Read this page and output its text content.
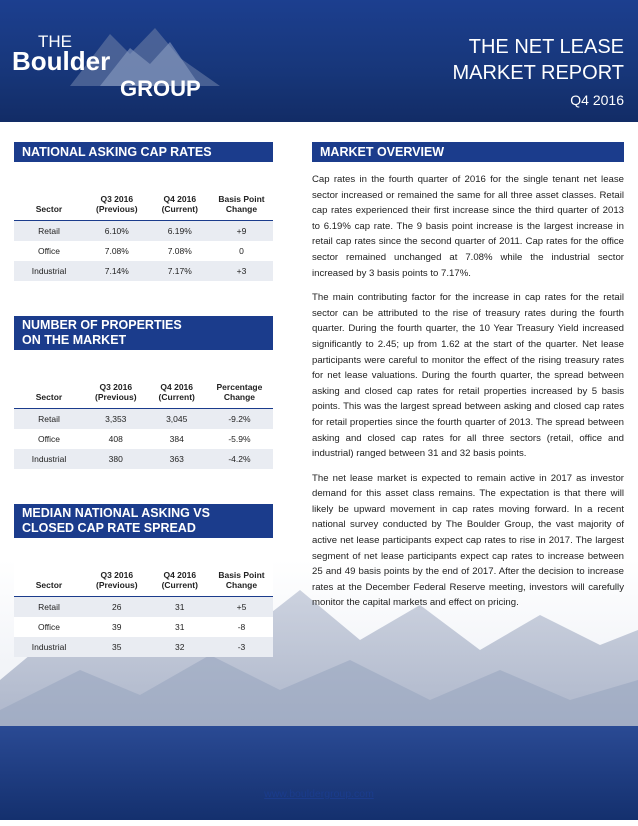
THE
Boulder
GROUP
THE NET LEASE
MARKET REPORT
Q4 2016
NATIONAL ASKING CAP RATES
Sector	Q3 2016 (Previous)	Q4 2016 (Current)	Basis Point Change
Retail	6.10%	6.19%	+9
Office	7.08%	7.08%	0
Industrial	7.14%	7.17%	+3
NUMBER OF PROPERTIES
ON THE MARKET
Sector	Q3 2016 (Previous)	Q4 2016 (Current)	Percentage Change
Retail	3,353	3,045	-9.2%
Office	408	384	-5.9%
Industrial	380	363	-4.2%
MEDIAN NATIONAL ASKING VS
CLOSED CAP RATE SPREAD
Sector	Q3 2016 (Previous)	Q4 2016 (Current)	Basis Point Change
Retail	26	31	+5
Office	39	31	-8
Industrial	35	32	-3
MARKET OVERVIEW

Cap rates in the fourth quarter of 2016 for the single tenant net lease sector increased or remained the same for all three asset classes. Retail cap rates experienced their first increase since the third quarter of 2013 to 6.19% cap rate. The 9 basis point increase is the largest increase in retail cap rates since the second quarter of 2011. Cap rates for the office sector remained unchanged at 7.08% while the industrial sector increased by 3 basis points to 7.17%.

The main contributing factor for the increase in cap rates for the retail sector can be attributed to the rise of treasury rates during the fourth quarter. During the fourth quarter, the 10 Year Treasury Yield increased significantly to 2.45; up from 1.62 at the start of the quarter. Net lease participants were careful to monitor the effect of the rising treasury rates for net lease valuations. During the fourth quarter, the spread between asking and closed cap rates for retail properties increased by 5 basis points. This was the largest spread between asking and closed cap rates for retail properties since the fourth quarter of 2013. The spread between asking and closed cap rates for all three sectors (retail, office and industrial) ranged between 31 and 32 basis points.

The net lease market is expected to remain active in 2017 as investor demand for this asset class remains. The expectation is that there will likely be upward movement in cap rates moving forward. In a recent national survey conducted by The Boulder Group, the vast majority of active net lease participants expect cap rates to rise in 2017. The largest segment of net lease participants expect cap rates to increase between 25 and 49 basis points by the end of 2017. After the decision to increase rates at the December Federal Reserve meeting, investors will carefully monitor the capital markets and effect on pricing.

www.bouldergroup.com
